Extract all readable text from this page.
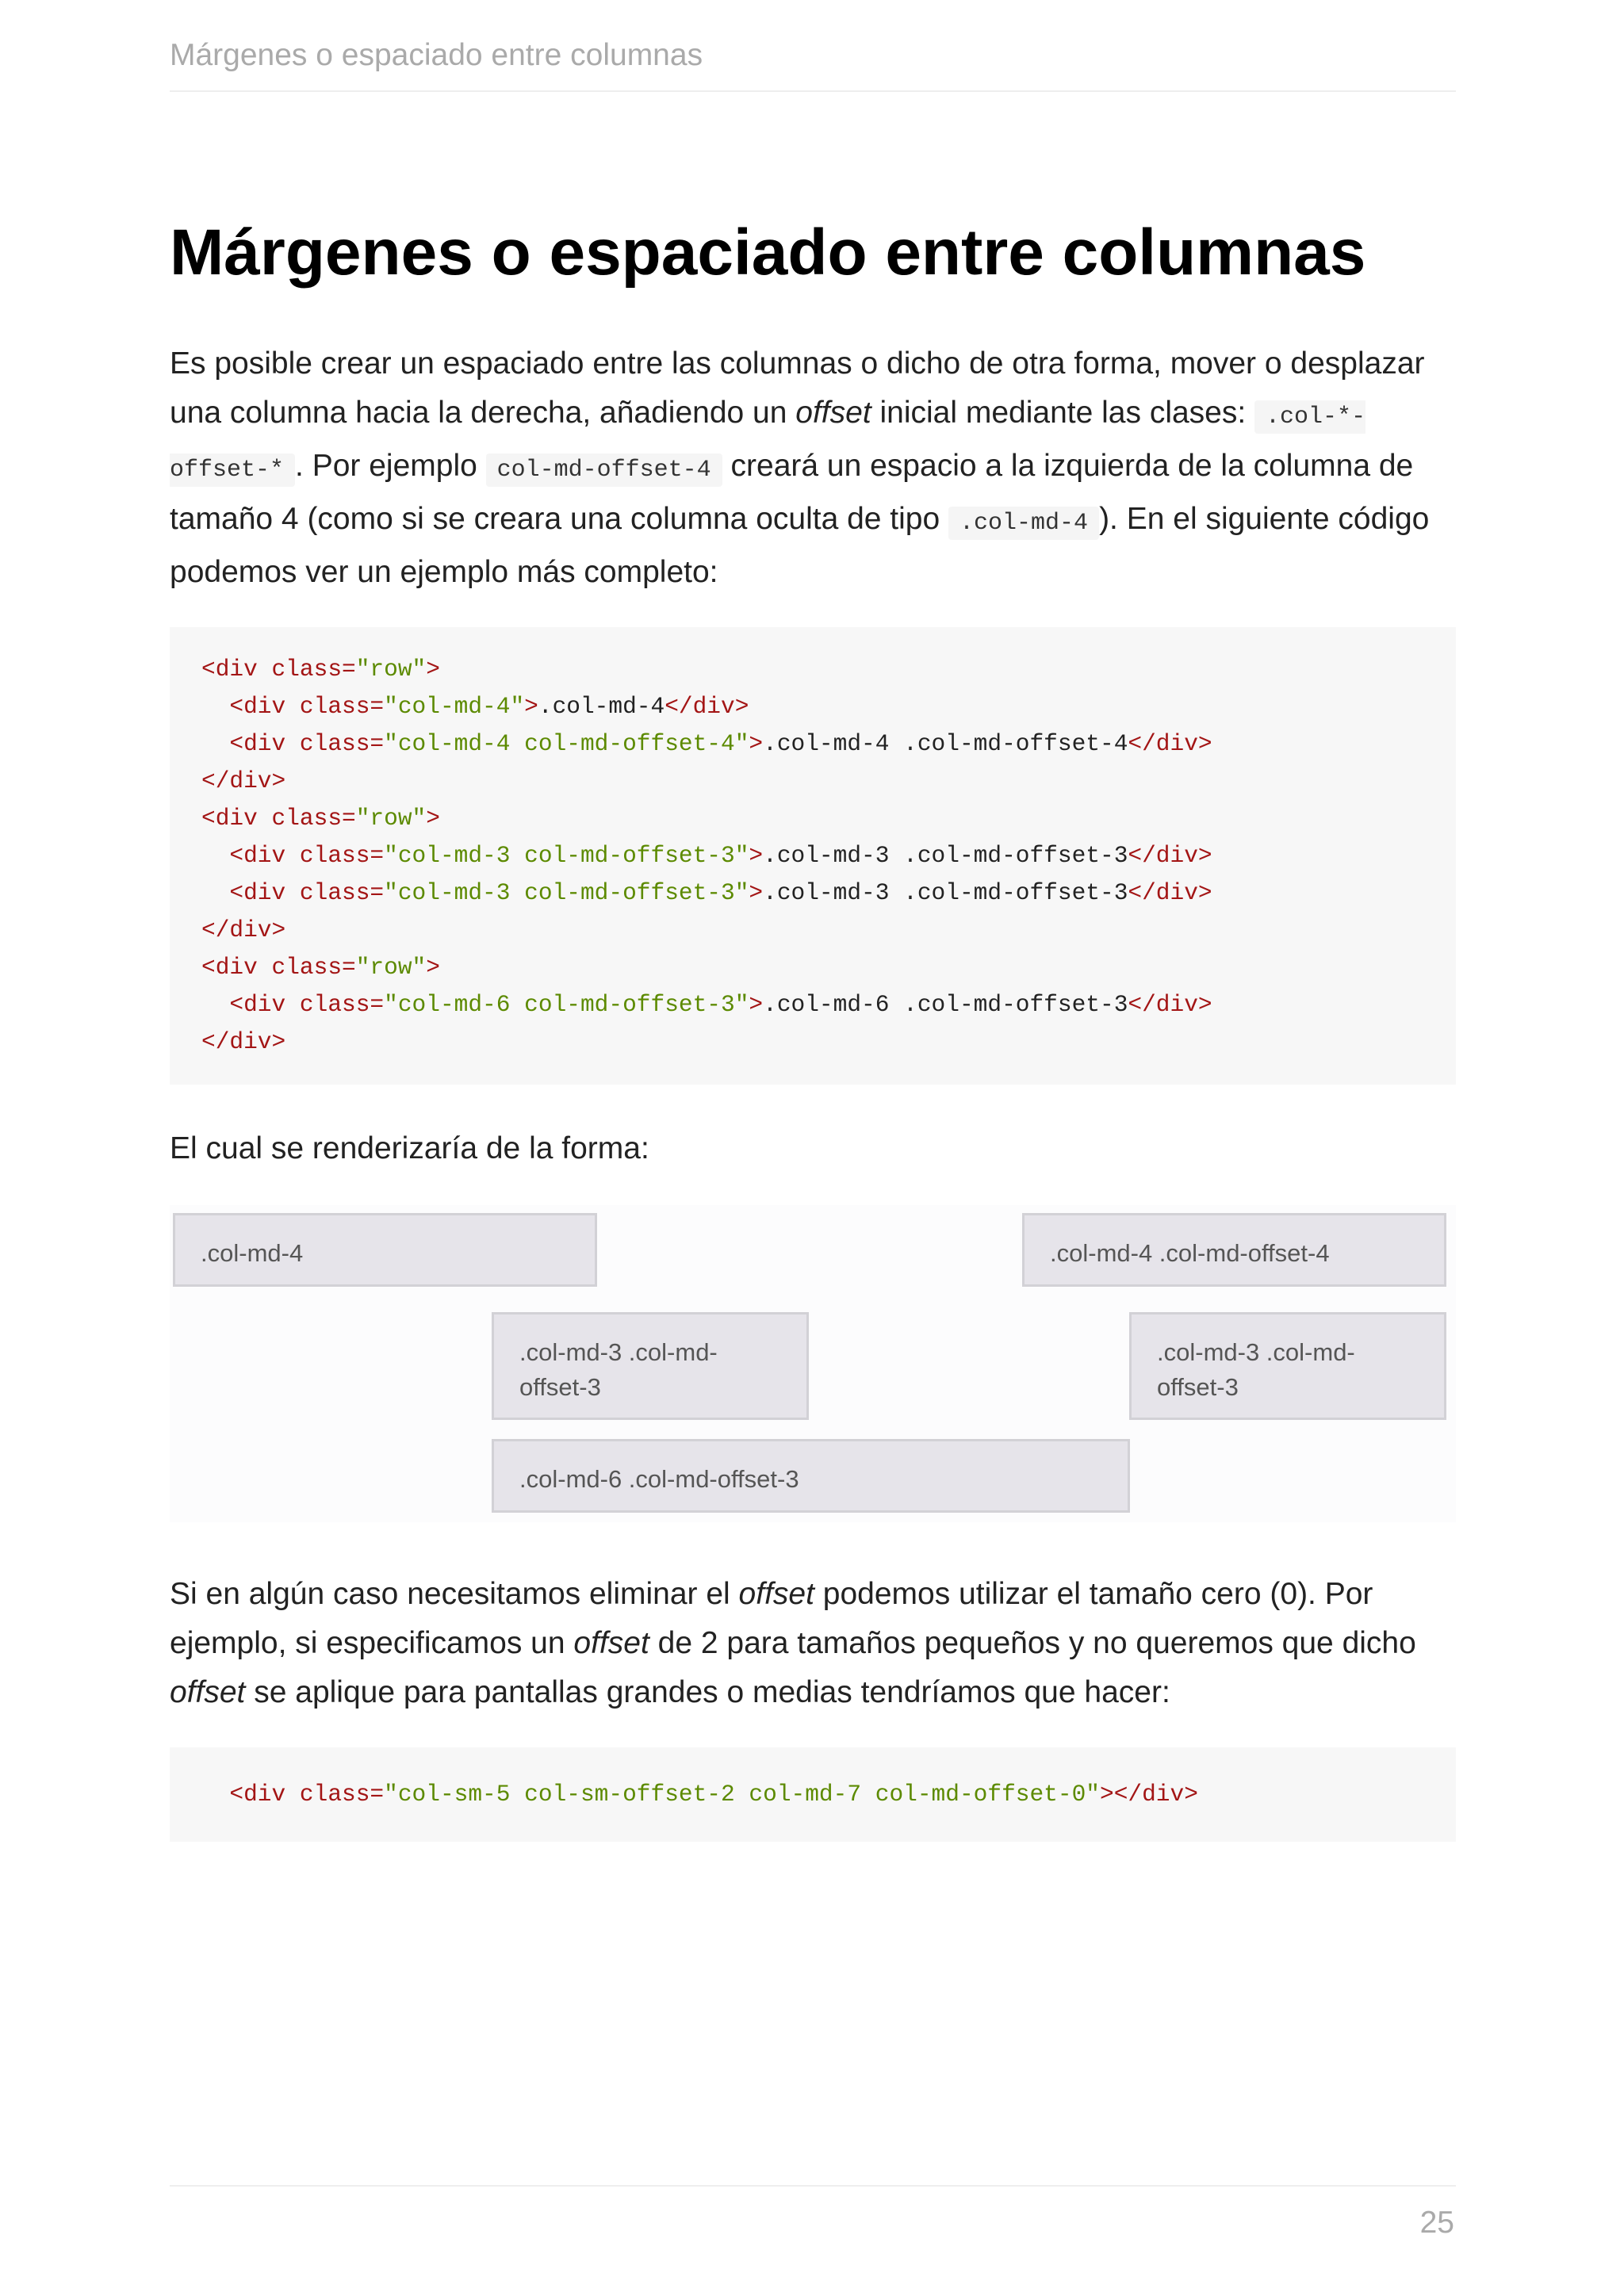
Márgenes o espaciado entre columnas
Márgenes o espaciado entre columnas

Es posible crear un espaciado entre las columnas o dicho de otra forma, mover o desplazar una columna hacia la derecha, añadiendo un offset inicial mediante las clases: .col-*-offset-* . Por ejemplo col-md-offset-4 creará un espacio a la izquierda de la columna de tamaño 4 (como si se creara una columna oculta de tipo .col-md-4 ). En el siguiente código podemos ver un ejemplo más completo:

<div class="row">
<div class="col-md-4">.col-md-4</div>
<div class="col-md-4 col-md-offset-4">.col-md-4 .col-md-offset-4</div>
</div>
<div class="row">
<div class="col-md-3 col-md-offset-3">.col-md-3 .col-md-offset-3</div>
<div class="col-md-3 col-md-offset-3">.col-md-3 .col-md-offset-3</div>
</div>
<div class="row">
<div class="col-md-6 col-md-offset-3">.col-md-6 .col-md-offset-3</div>
</div>

El cual se renderizaría de la forma:

.col-md-4	.col-md-4 .col-md-offset-4
.col-md-3 .col-md-
offset-3
.col-md-3 .col-md-
offset-3
.col-md-6 .col-md-offset-3

Si en algún caso necesitamos eliminar el offset podemos utilizar el tamaño cero (0). Por ejemplo, si especificamos un offset de 2 para tamaños pequeños y no queremos que dicho offset se aplique para pantallas grandes o medias tendríamos que hacer:

<div class="col-sm-5 col-sm-offset-2 col-md-7 col-md-offset-0"></div>
25
